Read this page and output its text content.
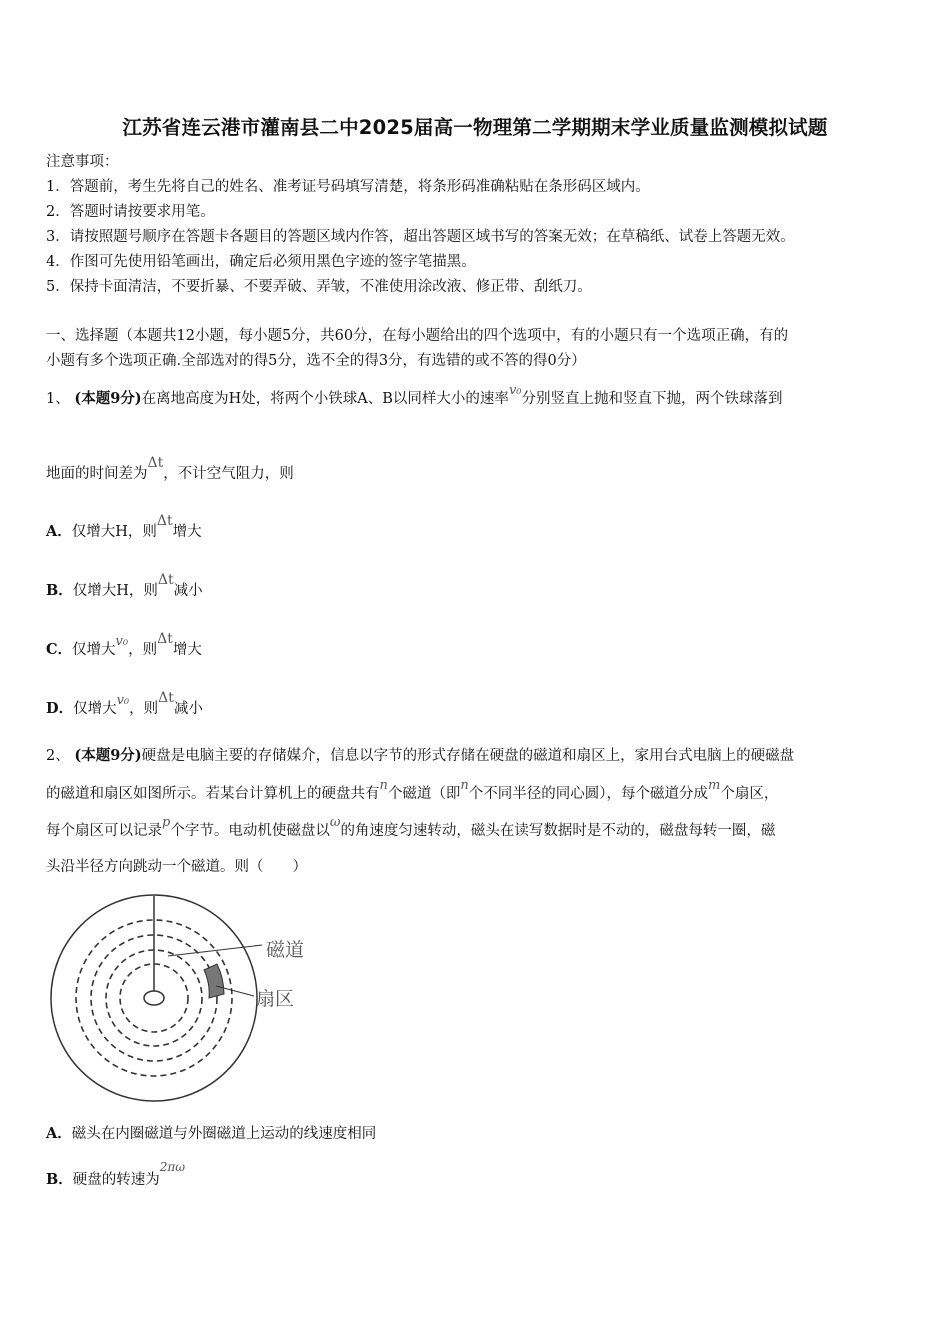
江苏省连云港市灌南县二中2025届高一物理第二学期期末学业质量监测模拟试题
注意事项：
1．答题前，考生先将自己的姓名、准考证号码填写清楚，将条形码准确粘贴在条形码区域内。
2．答题时请按要求用笔。
3．请按照题号顺序在答题卡各题目的答题区域内作答，超出答题区域书写的答案无效；在草稿纸、试卷上答题无效。
4．作图可先使用铅笔画出，确定后必须用黑色字迹的签字笔描黑。
5．保持卡面清洁，不要折暴、不要弄破、弄皱，不准使用涂改液、修正带、刮纸刀。
一、选择题（本题共12小题，每小题5分，共60分，在每小题给出的四个选项中，有的小题只有一个选项正确，有的
小题有多个选项正确.全部选对的得5分，选不全的得3分，有选错的或不答的得0分）
1、 (本题9分)在离地高度为H处，将两个小铁球A、B以同样大小的速率v₀分别竖直上抛和竖直下抛，两个铁球落到
地面的时间差为Δt，不计空气阻力，则
A．仅增大H，则Δt增大
B．仅增大H，则Δt减小
C．仅增大v₀，则Δt增大
D．仅增大v₀，则Δt减小
2、 (本题9分)硬盘是电脑主要的存储媒介，信息以字节的形式存储在硬盘的磁道和扇区上，家用台式电脑上的硬磁盘
的磁道和扇区如图所示。若某台计算机上的硬盘共有n个磁道（即n个不同半径的同心圆），每个磁道分成m个扇区，
每个扇区可以记录p个字节。电动机使磁盘以ω的角速度匀速转动，磁头在读写数据时是不动的，磁盘每转一圈，磁
头沿半径方向跳动一个磁道。则（　　）
磁道
扇区
A．磁头在内圈磁道与外圈磁道上运动的线速度相同
B．硬盘的转速为$^{2\pi\omega}$
